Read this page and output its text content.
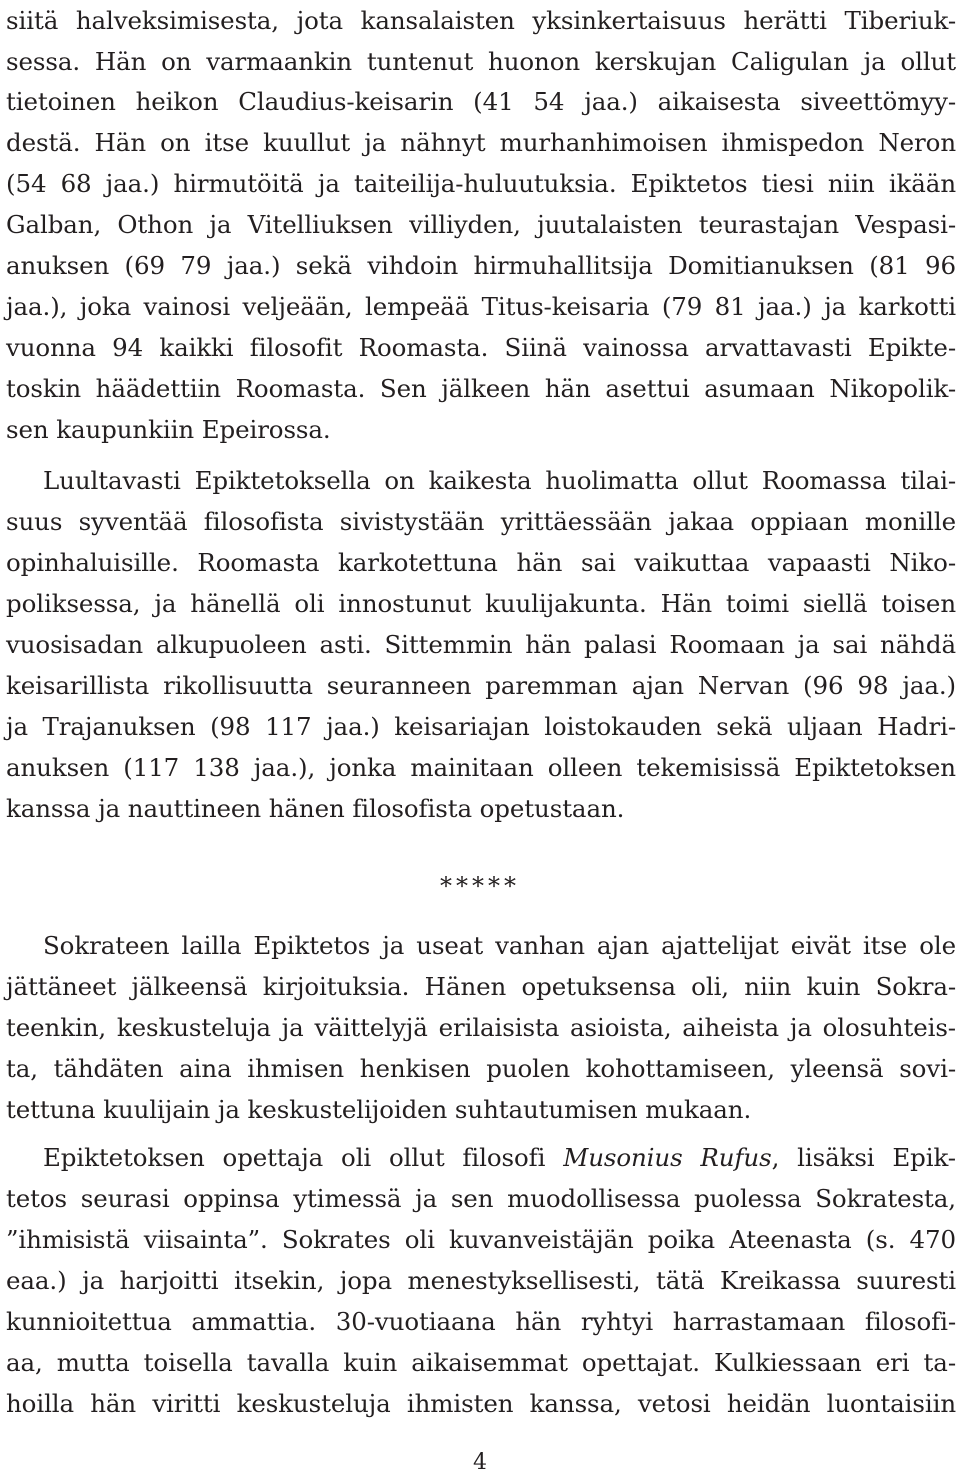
siitä halveksimisesta, jota kansalaisten yksinkertaisuus herätti Tiberiuk-
sessa. Hän on varmaankin tuntenut huonon kerskujan Caligulan ja ollut
tietoinen heikon Claudius-keisarin (41 54 jaa.) aikaisesta siveettömyy-
destä. Hän on itse kuullut ja nähnyt murhanhimoisen ihmispedon Neron
(54 68 jaa.) hirmutöitä ja taiteilija-huluutuksia. Epiktetos tiesi niin ikään
Galban, Othon ja Vitelliuksen villiyden, juutalaisten teurastajan Vespasi-
anuksen (69 79 jaa.) sekä vihdoin hirmuhallitsija Domitianuksen (81 96
jaa.), joka vainosi veljeään, lempeää Titus-keisaria (79 81 jaa.) ja karkotti
vuonna 94 kaikki filosofit Roomasta. Siinä vainossa arvattavasti Epikte-
toskin häädettiin Roomasta. Sen jälkeen hän asettui asumaan Nikopolik-
sen kaupunkiin Epeirossa.
Luultavasti Epiktetoksella on kaikesta huolimatta ollut Roomassa tilai-
suus syventää filosofista sivistystään yrittäessään jakaa oppiaan monille
opinhaluisille. Roomasta karkotettuna hän sai vaikuttaa vapaasti Niko-
poliksessa, ja hänellä oli innostunut kuulijakunta. Hän toimi siellä toisen
vuosisadan alkupuoleen asti. Sittemmin hän palasi Roomaan ja sai nähdä
keisarillista rikollisuutta seuranneen paremman ajan Nervan (96 98 jaa.)
ja Trajanuksen (98 117 jaa.) keisariajan loistokauden sekä uljaan Hadri-
anuksen (117 138 jaa.), jonka mainitaan olleen tekemisissä Epiktetoksen
kanssa ja nauttineen hänen filosofista opetustaan.
*****
Sokrateen lailla Epiktetos ja useat vanhan ajan ajattelijat eivät itse ole
jättäneet jälkeensä kirjoituksia. Hänen opetuksensa oli, niin kuin Sokra-
teenkin, keskusteluja ja väittelyjä erilaisista asioista, aiheista ja olosuhteis-
ta, tähdäten aina ihmisen henkisen puolen kohottamiseen, yleensä sovi-
tettuna kuulijain ja keskustelijoiden suhtautumisen mukaan.
Epiktetoksen opettaja oli ollut filosofi Musonius Rufus, lisäksi Epik-
tetos seurasi oppinsa ytimessä ja sen muodollisessa puolessa Sokratesta,
”ihmisistä viisainta”. Sokrates oli kuvanveistäjän poika Ateenasta (s. 470
eaa.) ja harjoitti itsekin, jopa menestyksellisesti, tätä Kreikassa suuresti
kunnioitettua ammattia. 30-vuotiaana hän ryhtyi harrastamaan filosofi-
aa, mutta toisella tavalla kuin aikaisemmat opettajat. Kulkiessaan eri ta-
hoilla hän viritti keskusteluja ihmisten kanssa, vetosi heidän luontaisiin
4
